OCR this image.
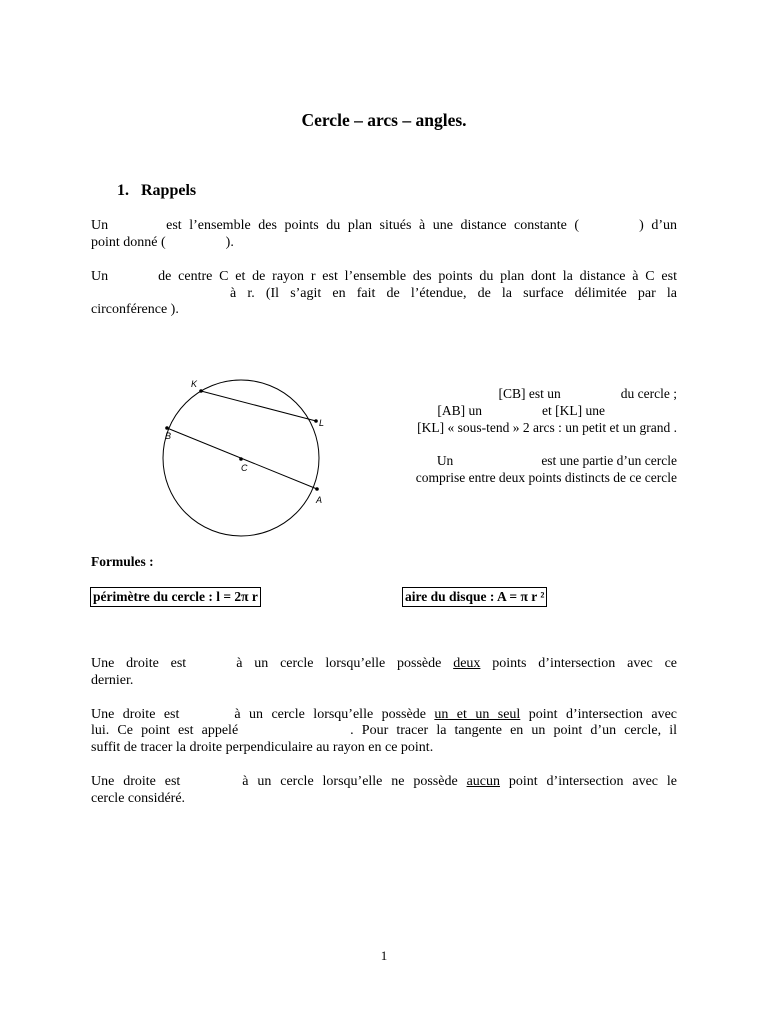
Cercle – arcs – angles.
1. Rappels
Un	est l’ensemble des points du plan situés à une distance constante (	) d’un
point donné (	).
Un	de centre C et de rayon r est l’ensemble des points du plan dont la distance à C est
à r. (Il s’agit en fait de l’étendue, de la surface délimitée par la
circonférence ).
K
L
B
C
A
[CB] est un	du cercle ;
[AB] un	et [KL] une
[KL] « sous-tend » 2 arcs : un petit et un grand .
Un	est une partie d’un cercle
comprise entre deux points distincts de ce cercle
Formules :
périmètre du cercle : l = 2π r	aire du disque : A = π r ²
Une droite est	à un cercle lorsqu’elle possède deux points d’intersection avec ce
dernier.
Une droite est	à un cercle lorsqu’elle possède un et un seul point d’intersection avec
lui. Ce point est appelé	. Pour tracer la tangente en un point d’un cercle, il
suffit de tracer la droite perpendiculaire au rayon en ce point.
Une droite est	à un cercle lorsqu’elle ne possède aucun point d’intersection avec le
cercle considéré.
1
